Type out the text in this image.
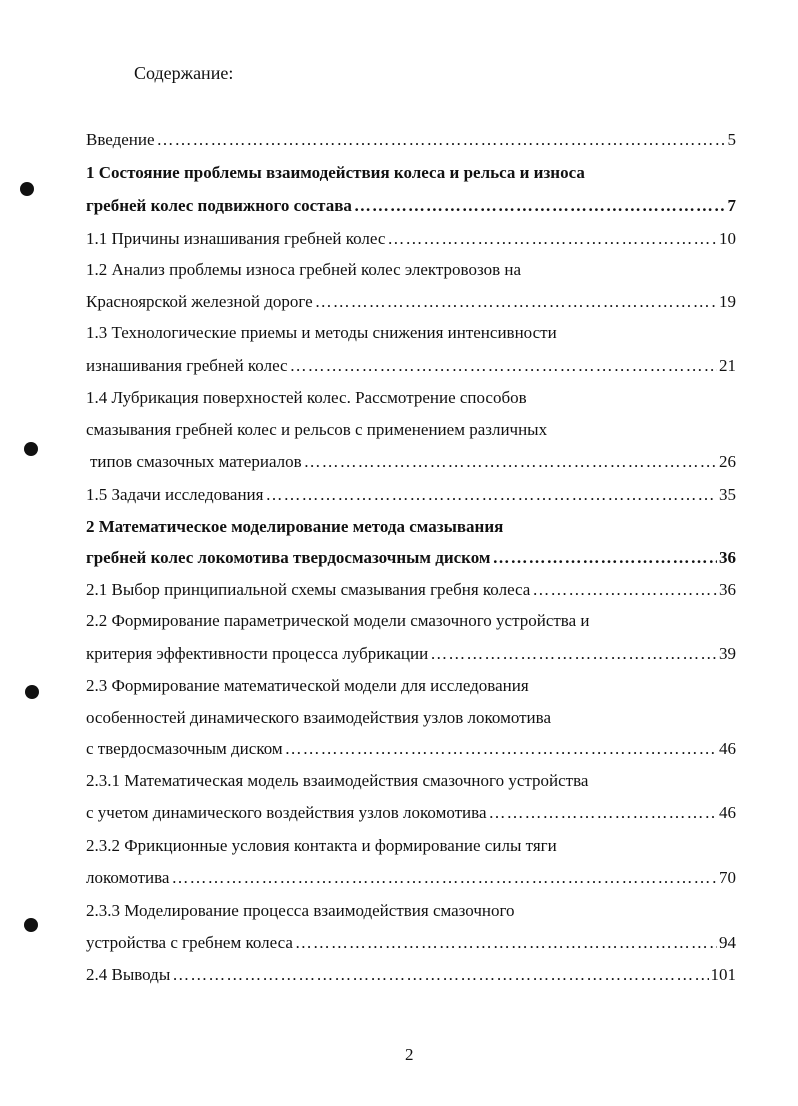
Содержание:
Введение …………………………………………………………………………………………………………………………………………………………………………	5
1 Состояние проблемы взаимодействия колеса и рельса и износа
гребней колес подвижного состава …………………………………………………………………………………………………………………………………………………………………………	7
1.1 Причины изнашивания гребней колес …………………………………………………………………………………………………………………………………………………………………………	10
1.2 Анализ проблемы износа гребней колес электровозов на
Красноярской железной дороге …………………………………………………………………………………………………………………………………………………………………………	19
1.3 Технологические приемы и методы снижения интенсивности
изнашивания гребней колес …………………………………………………………………………………………………………………………………………………………………………	21
1.4 Лубрикация поверхностей колес. Рассмотрение способов
смазывания гребней колес и рельсов с применением различных
типов смазочных материалов …………………………………………………………………………………………………………………………………………………………………………	26
1.5 Задачи исследования …………………………………………………………………………………………………………………………………………………………………………	35
2 Математическое моделирование метода смазывания
гребней колес локомотива твердосмазочным диском …………………………………………………………………………………………………………………………………………………………………………	36
2.1 Выбор принципиальной схемы смазывания гребня колеса …………………………………………………………………………………………………………………………………………………………………………	36
2.2 Формирование параметрической модели смазочного устройства и
критерия эффективности процесса лубрикации …………………………………………………………………………………………………………………………………………………………………………	39
2.3 Формирование математической модели для исследования
особенностей динамического взаимодействия узлов локомотива
с твердосмазочным диском …………………………………………………………………………………………………………………………………………………………………………	46
2.3.1 Математическая модель взаимодействия смазочного устройства
с учетом динамического воздействия узлов локомотива …………………………………………………………………………………………………………………………………………………………………………	46
2.3.2 Фрикционные условия контакта и формирование силы тяги
локомотива …………………………………………………………………………………………………………………………………………………………………………	70
2.3.3 Моделирование процесса взаимодействия смазочного
устройства с гребнем колеса …………………………………………………………………………………………………………………………………………………………………………	94
2.4 Выводы …………………………………………………………………………………………………………………………………………………………………………	101
2
